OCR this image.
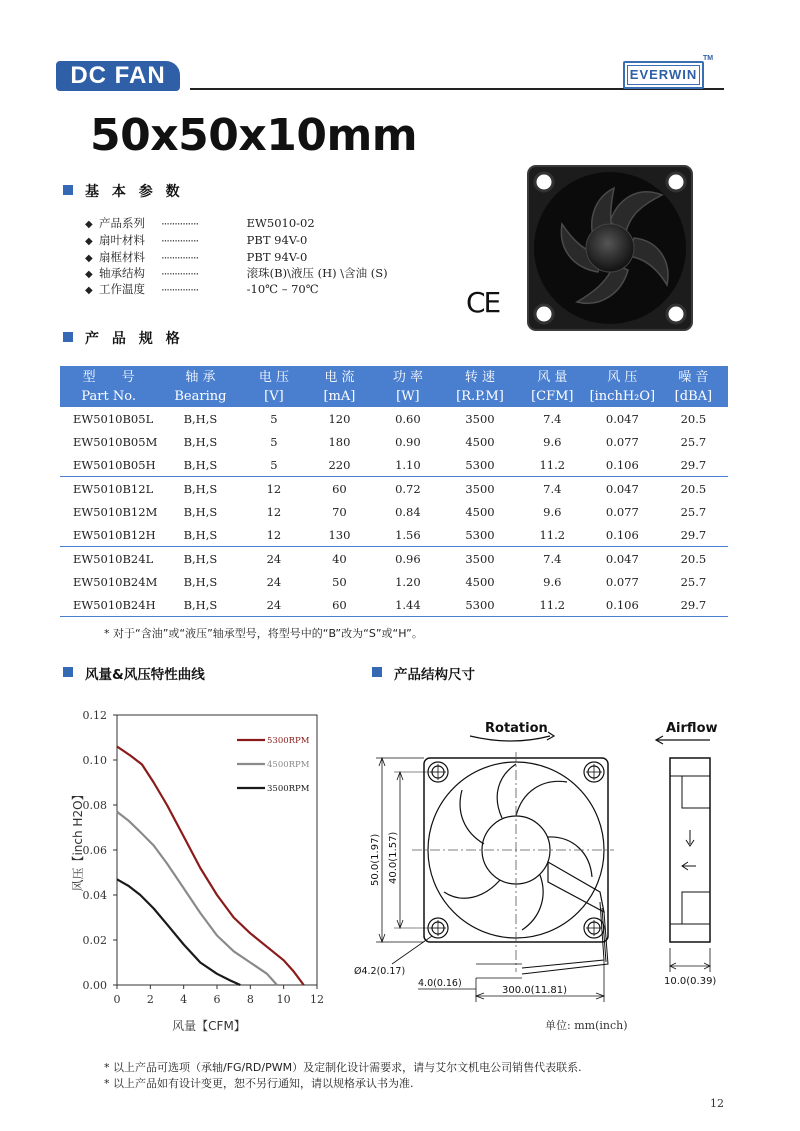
DC FAN	EVERWIN
TM
50x50x10mm
基 本 参 数
◆ 产品系列 ··············	EW5010-02
◆ 扇叶材料 ··············	PBT 94V-0
◆ 扇框材料 ··············	PBT 94V-0
◆ 轴承结构 ··············	滚珠(B)\液压 (H) \含油 (S)
◆ 工作温度 ··············	-10℃ – 70℃	CE
产 品 规 格
型　　号	轴 承	电 压	电 流	功 率	转 速	风 量	风 压	噪 音
Part No.	Bearing	[V]	[mA]	[W]	[R.P.M]	[CFM]	[inchH₂O]	[dBA]
EW5010B05L	B,H,S	5	120	0.60	3500	7.4	0.047	20.5
EW5010B05M	B,H,S	5	180	0.90	4500	9.6	0.077	25.7
EW5010B05H	B,H,S	5	220	1.10	5300	11.2	0.106	29.7
EW5010B12L	B,H,S	12	60	0.72	3500	7.4	0.047	20.5
EW5010B12M	B,H,S	12	70	0.84	4500	9.6	0.077	25.7
EW5010B12H	B,H,S	12	130	1.56	5300	11.2	0.106	29.7
EW5010B24L	B,H,S	24	40	0.96	3500	7.4	0.047	20.5
EW5010B24M	B,H,S	24	50	1.20	4500	9.6	0.077	25.7
EW5010B24H	B,H,S	24	60	1.44	5300	11.2	0.106	29.7
* 对于“含油”或“液压”轴承型号，将型号中的“B”改为“S”或“H”。
风量&风压特性曲线	产品结构尺寸
0.00
0.02
0.04
0.06
0.08
0.10
0.12
0 2 4 6 8 10 12
风量【CFM】
风压【inch H2O】
5300RPM
4500RPM
3500RPM
Rotation	Airflow
50.0(1.97) 40.0(1.57)
Ø4.2(0.17)
4.0(0.16)
300.0(11.81)
10.0(0.39)
单位: mm(inch)
* 以上产品可选项（承轴/FG/RD/PWM）及定制化设计需要求，请与艾尔文机电公司销售代表联系.
* 以上产品如有设计变更，恕不另行通知，请以规格承认书为准.
12
